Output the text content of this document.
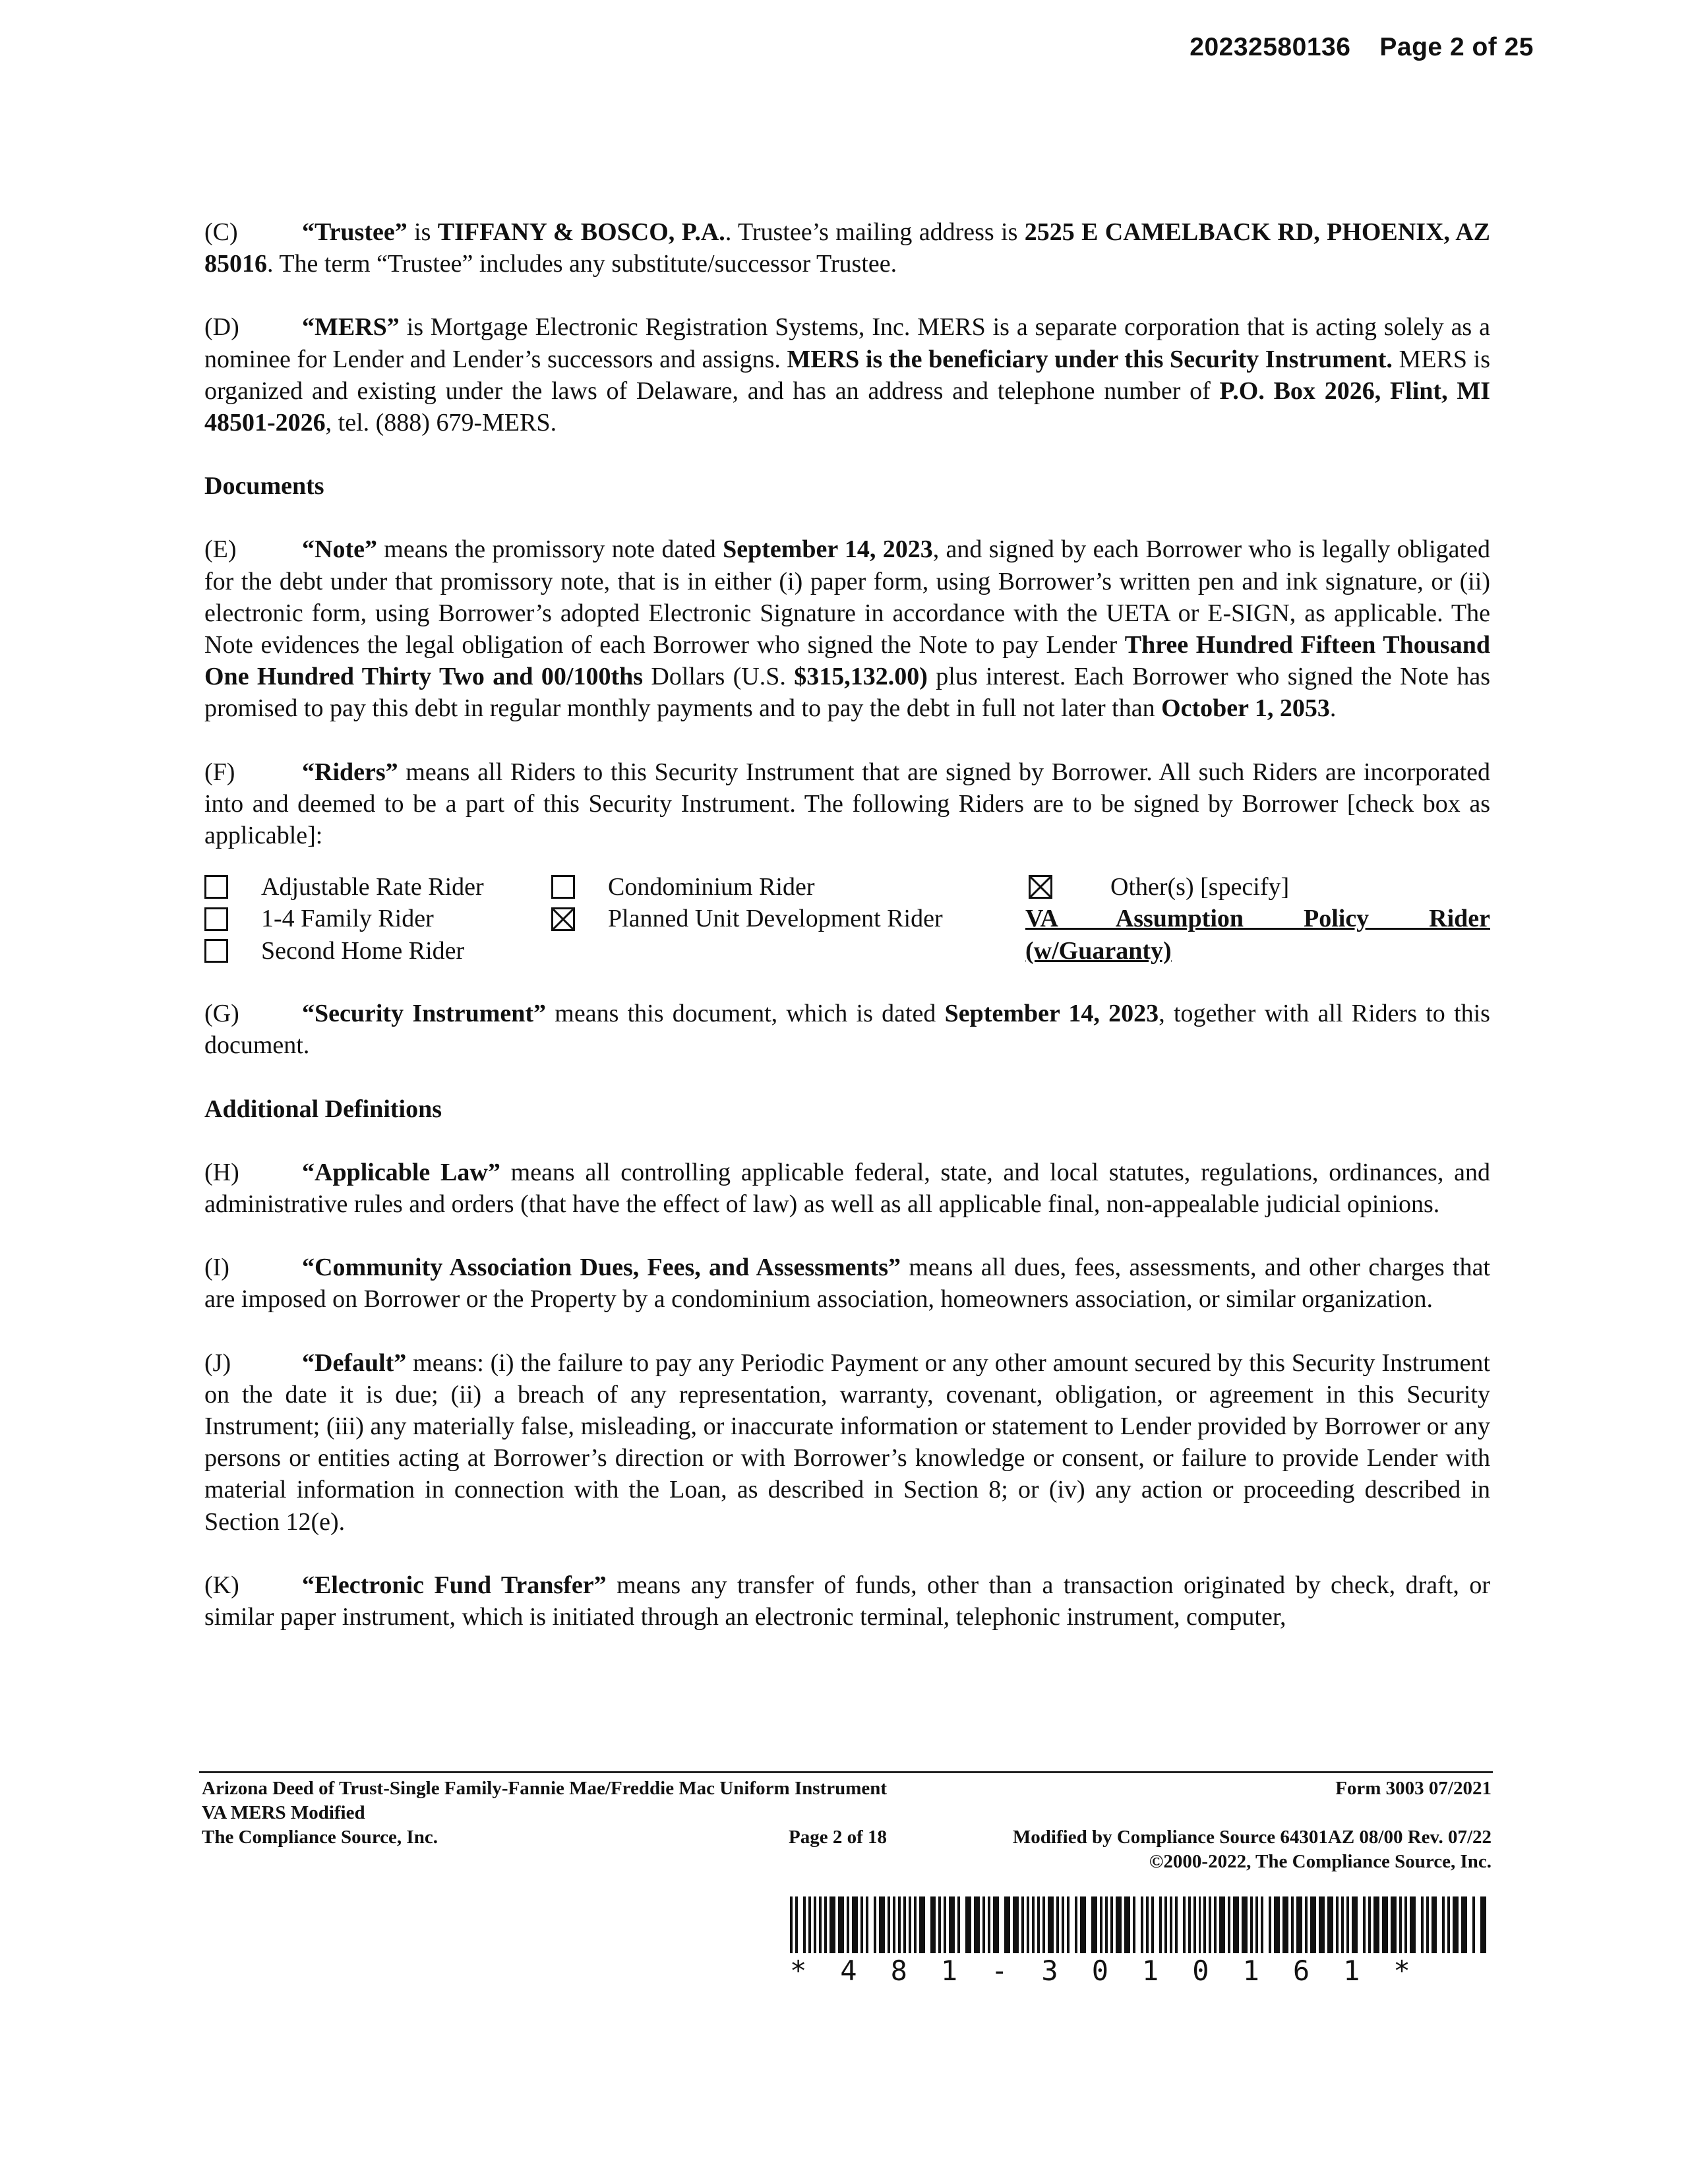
20232580136 Page 2 of 25

(C)	“Trustee” is TIFFANY & BOSCO, P.A.. Trustee’s mailing address is 2525 E CAMELBACK RD, PHOENIX, AZ 85016. The term “Trustee” includes any substitute/successor Trustee.

(D)	“MERS” is Mortgage Electronic Registration Systems, Inc. MERS is a separate corporation that is acting solely as a nominee for Lender and Lender’s successors and assigns. MERS is the beneficiary under this Security Instrument. MERS is organized and existing under the laws of Delaware, and has an address and telephone number of P.O. Box 2026, Flint, MI 48501-2026, tel. (888) 679-MERS.

Documents

(E)	“Note” means the promissory note dated September 14, 2023, and signed by each Borrower who is legally obligated for the debt under that promissory note, that is in either (i) paper form, using Borrower’s written pen and ink signature, or (ii) electronic form, using Borrower’s adopted Electronic Signature in accordance with the UETA or E-SIGN, as applicable. The Note evidences the legal obligation of each Borrower who signed the Note to pay Lender Three Hundred Fifteen Thousand One Hundred Thirty Two and 00/100ths Dollars (U.S. $315,132.00) plus interest. Each Borrower who signed the Note has promised to pay this debt in regular monthly payments and to pay the debt in full not later than October 1, 2053.

(F)	“Riders” means all Riders to this Security Instrument that are signed by Borrower. All such Riders are incorporated into and deemed to be a part of this Security Instrument. The following Riders are to be signed by Borrower [check box as applicable]:

Adjustable Rate Rider
1-4 Family Rider
Second Home Rider
Condominium Rider
Planned Unit Development Rider
Other(s) [specify]
VA Assumption Policy Rider
(w/Guaranty)

(G)	“Security Instrument” means this document, which is dated September 14, 2023, together with all Riders to this document.

Additional Definitions

(H)	“Applicable Law” means all controlling applicable federal, state, and local statutes, regulations, ordinances, and administrative rules and orders (that have the effect of law) as well as all applicable final, non-appealable judicial opinions.

(I)	“Community Association Dues, Fees, and Assessments” means all dues, fees, assessments, and other charges that are imposed on Borrower or the Property by a condominium association, homeowners association, or similar organization.

(J)	“Default” means: (i) the failure to pay any Periodic Payment or any other amount secured by this Security Instrument on the date it is due; (ii) a breach of any representation, warranty, covenant, obligation, or agreement in this Security Instrument; (iii) any materially false, misleading, or inaccurate information or statement to Lender provided by Borrower or any persons or entities acting at Borrower’s direction or with Borrower’s knowledge or consent, or failure to provide Lender with material information in connection with the Loan, as described in Section 8; or (iv) any action or proceeding described in Section 12(e).

(K)	“Electronic Fund Transfer” means any transfer of funds, other than a transaction originated by check, draft, or similar paper instrument, which is initiated through an electronic terminal, telephonic instrument, computer,

Arizona Deed of Trust-Single Family-Fannie Mae/Freddie Mac Uniform Instrument	Form 3003 07/2021
VA MERS Modified
The Compliance Source, Inc.	Page 2 of 18	Modified by Compliance Source 64301AZ 08/00 Rev. 07/22
©2000-2022, The Compliance Source, Inc.
*481-3010161*
